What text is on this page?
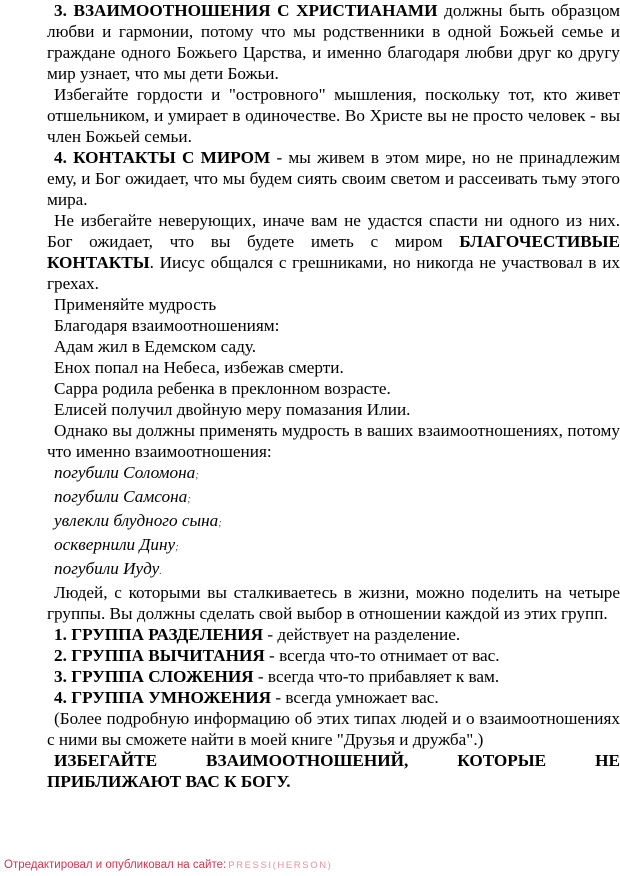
3. ВЗАИМООТНОШЕНИЯ С ХРИСТИАНАМИ должны быть образцом любви и гармонии, потому что мы родственники в одной Божьей семье и граждане одного Божьего Царства, и именно благодаря любви друг ко другу мир узнает, что мы дети Божьи.

Избегайте гордости и "островного" мышления, поскольку тот, кто живет отшельником, и умирает в одиночестве. Во Христе вы не просто человек - вы член Божьей семьи.

4. КОНТАКТЫ С МИРОМ - мы живем в этом мире, но не принадлежим ему, и Бог ожидает, что мы будем сиять своим светом и рассеивать тьму этого мира.

Не избегайте неверующих, иначе вам не удастся спасти ни одного из них. Бог ожидает, что вы будете иметь с миром БЛАГОЧЕСТИВЫЕ КОНТАКТЫ. Иисус общался с грешниками, но никогда не участвовал в их грехах.

Применяйте мудрость

Благодаря взаимоотношениям:

Адам жил в Едемском саду.

Енох попал на Небеса, избежав смерти.

Сарра родила ребенка в преклонном возрасте.

Елисей получил двойную меру помазания Илии.

Однако вы должны применять мудрость в ваших взаимоотношениях, потому что именно взаимоотношения:

погубили Соломона;

погубили Самсона;

увлекли блудного сына;

осквернили Дину;

погубили Иуду.

Людей, с которыми вы сталкиваетесь в жизни, можно поделить на четыре группы. Вы должны сделать свой выбор в отношении каждой из этих групп.

1. ГРУППА РАЗДЕЛЕНИЯ - действует на разделение.

2. ГРУППА ВЫЧИТАНИЯ - всегда что-то отнимает от вас.

3. ГРУППА СЛОЖЕНИЯ - всегда что-то прибавляет к вам.

4. ГРУППА УМНОЖЕНИЯ - всегда умножает вас.

(Более подробную информацию об этих типах людей и о взаимоотношениях с ними вы сможете найти в моей книге "Друзья и дружба".)

ИЗБЕГАЙТЕ ВЗАИМООТНОШЕНИЙ, КОТОРЫЕ НЕ
ПРИБЛИЖАЮТ ВАС К БОГУ.

Отредактировал и опубликовал на сайте: PRESSI(HERSON)
